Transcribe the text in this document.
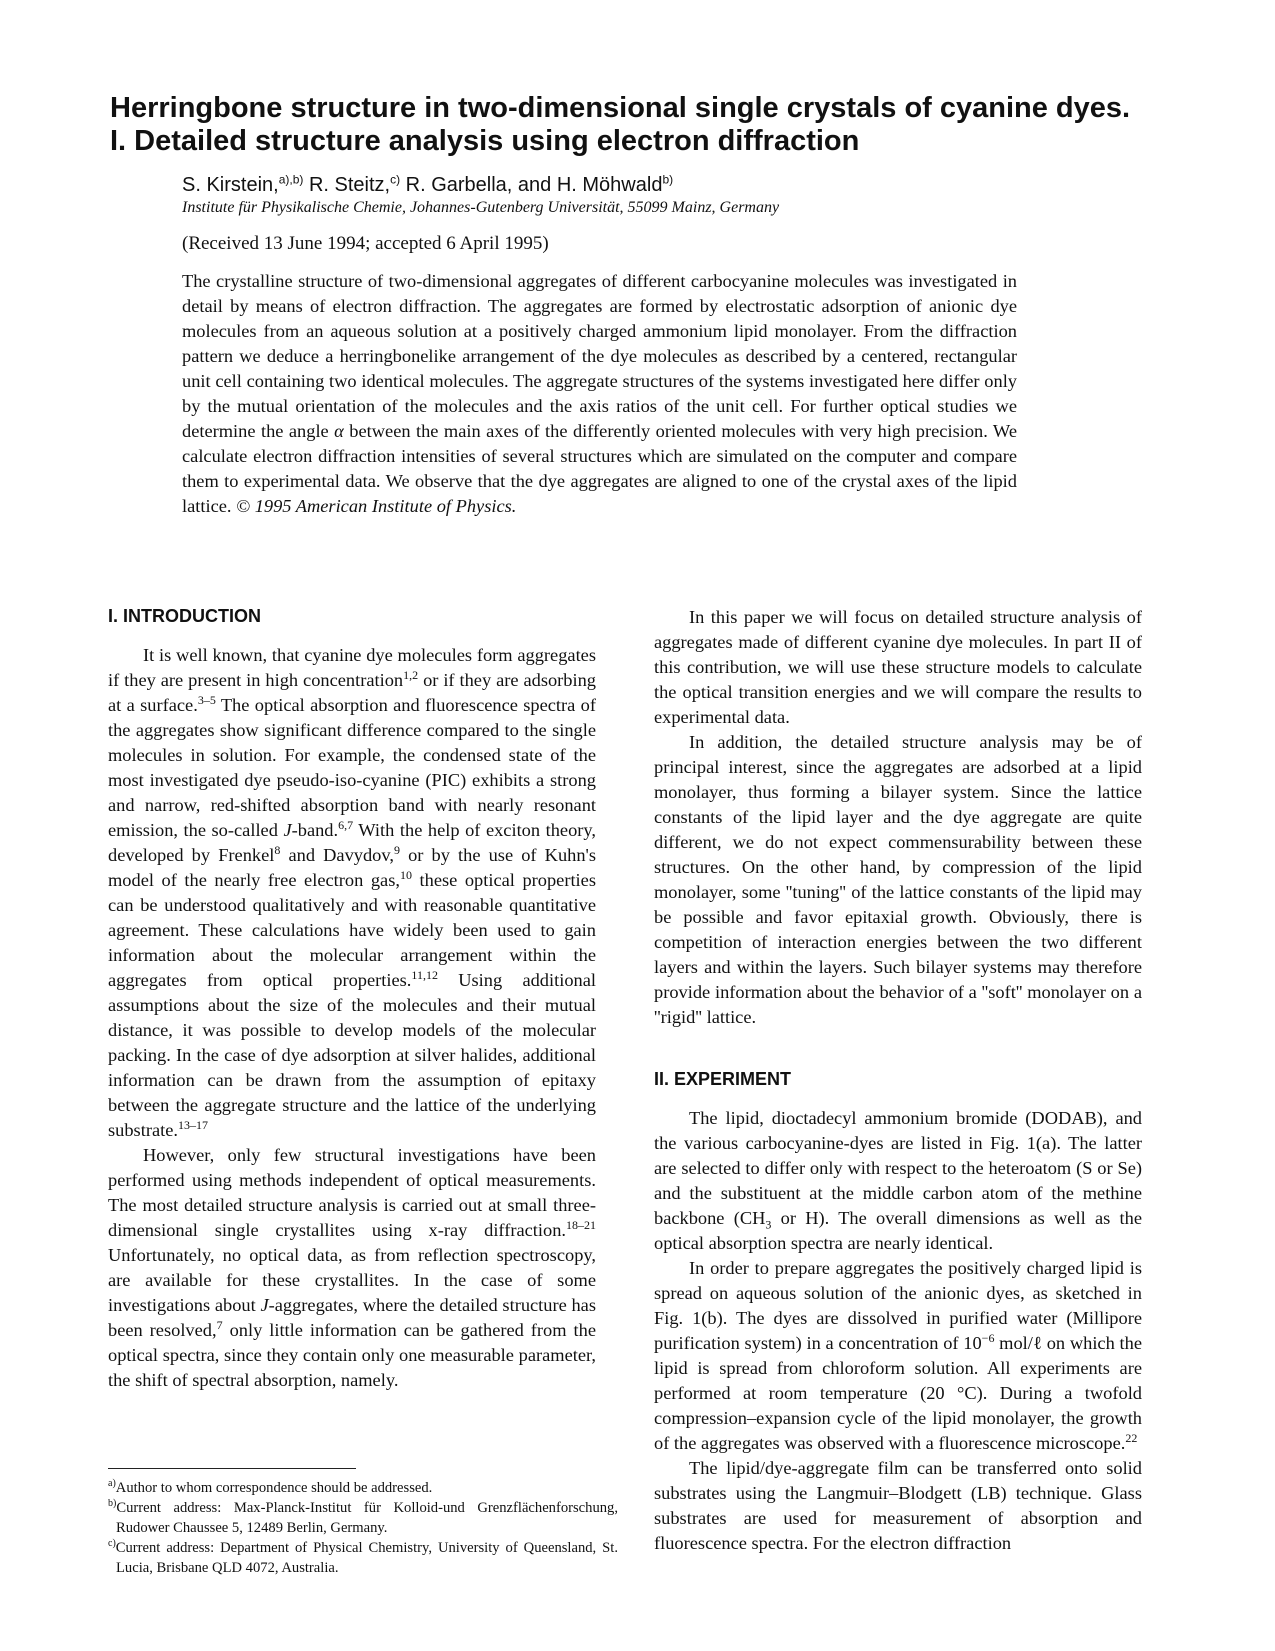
Herringbone structure in two-dimensional single crystals of cyanine dyes.
I. Detailed structure analysis using electron diffraction
S. Kirstein,$^{a),b)}$ R. Steitz,$^{c)}$ R. Garbella, and H. Möhwald$^{b)}$
Institute für Physikalische Chemie, Johannes-Gutenberg Universität, 55099 Mainz, Germany
(Received 13 June 1994; accepted 6 April 1995)

The crystalline structure of two-dimensional aggregates of different carbocyanine molecules was investigated in detail by means of electron diffraction. The aggregates are formed by electrostatic adsorption of anionic dye molecules from an aqueous solution at a positively charged ammonium lipid monolayer. From the diffraction pattern we deduce a herringbonelike arrangement of the dye molecules as described by a centered, rectangular unit cell containing two identical molecules. The aggregate structures of the systems investigated here differ only by the mutual orientation of the molecules and the axis ratios of the unit cell. For further optical studies we determine the angle α between the main axes of the differently oriented molecules with very high precision. We calculate electron diffraction intensities of several structures which are simulated on the computer and compare them to experimental data. We observe that the dye aggregates are aligned to one of the crystal axes of the lipid lattice. © 1995 American Institute of Physics.

I. INTRODUCTION

It is well known, that cyanine dye molecules form aggregates if they are present in high concentration$^{1,2}$ or if they are adsorbing at a surface.$^{3-5}$ The optical absorption and fluorescence spectra of the aggregates show significant difference compared to the single molecules in solution. For example, the condensed state of the most investigated dye pseudo-iso-cyanine (PIC) exhibits a strong and narrow, red-shifted absorption band with nearly resonant emission, the so-called J-band.$^{6,7}$ With the help of exciton theory, developed by Frenkel$^8$ and Davydov,$^9$ or by the use of Kuhn's model of the nearly free electron gas,$^{10}$ these optical properties can be understood qualitatively and with reasonable quantitative agreement. These calculations have widely been used to gain information about the molecular arrangement within the aggregates from optical properties.$^{11,12}$ Using additional assumptions about the size of the molecules and their mutual distance, it was possible to develop models of the molecular packing. In the case of dye adsorption at silver halides, additional information can be drawn from the assumption of epitaxy between the aggregate structure and the lattice of the underlying substrate.$^{13-17}$

However, only few structural investigations have been performed using methods independent of optical measurements. The most detailed structure analysis is carried out at small three-dimensional single crystallites using x-ray diffraction.$^{18-21}$ Unfortunately, no optical data, as from reflection spectroscopy, are available for these crystallites. In the case of some investigations about J-aggregates, where the detailed structure has been resolved,$^7$ only little information can be gathered from the optical spectra, since they contain only one measurable parameter, the shift of spectral absorption, namely.

In this paper we will focus on detailed structure analysis of aggregates made of different cyanine dye molecules. In part II of this contribution, we will use these structure models to calculate the optical transition energies and we will compare the results to experimental data.

In addition, the detailed structure analysis may be of principal interest, since the aggregates are adsorbed at a lipid monolayer, thus forming a bilayer system. Since the lattice constants of the lipid layer and the dye aggregate are quite different, we do not expect commensurability between these structures. On the other hand, by compression of the lipid monolayer, some ''tuning'' of the lattice constants of the lipid may be possible and favor epitaxial growth. Obviously, there is competition of interaction energies between the two different layers and within the layers. Such bilayer systems may therefore provide information about the behavior of a ''soft'' monolayer on a ''rigid'' lattice.

II. EXPERIMENT

The lipid, dioctadecyl ammonium bromide (DODAB), and the various carbocyanine-dyes are listed in Fig. 1(a). The latter are selected to differ only with respect to the heteroatom (S or Se) and the substituent at the middle carbon atom of the methine backbone ($CH_3$ or H). The overall dimensions as well as the optical absorption spectra are nearly identical.

In order to prepare aggregates the positively charged lipid is spread on aqueous solution of the anionic dyes, as sketched in Fig. 1(b). The dyes are dissolved in purified water (Millipore purification system) in a concentration of $10^{-6}$ mol/ℓ on which the lipid is spread from chloroform solution. All experiments are performed at room temperature (20 °C). During a twofold compression–expansion cycle of the lipid monolayer, the growth of the aggregates was observed with a fluorescence microscope.$^{22}$

The lipid/dye-aggregate film can be transferred onto solid substrates using the Langmuir–Blodgett (LB) technique. Glass substrates are used for measurement of absorption and fluorescence spectra. For the electron diffraction

$^{a)}$Author to whom correspondence should be addressed.

$^{b)}$Current address: Max-Planck-Institut für Kolloid-und Grenzflächenforschung, Rudower Chaussee 5, 12489 Berlin, Germany.

$^{c)}$Current address: Department of Physical Chemistry, University of Queensland, St. Lucia, Brisbane QLD 4072, Australia.
